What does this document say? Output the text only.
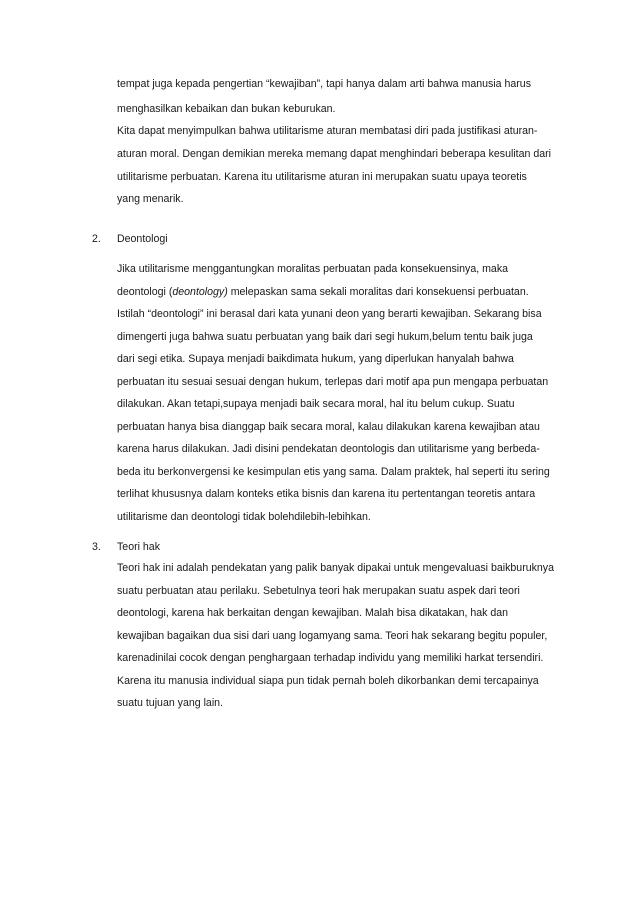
tempat juga kepada pengertian “kewajiban”, tapi hanya dalam arti bahwa manusia harus
menghasilkan kebaikan dan bukan keburukan.
Kita dapat menyimpulkan bahwa utilitarisme aturan membatasi diri pada justifikasi aturan-
aturan moral. Dengan demikian mereka memang dapat menghindari beberapa kesulitan dari
utilitarisme perbuatan. Karena itu utilitarisme aturan ini merupakan suatu upaya teoretis
yang menarik.
2. Deontologi
Jika utilitarisme menggantungkan moralitas perbuatan pada konsekuensinya, maka
deontologi (deontology) melepaskan sama sekali moralitas dari konsekuensi perbuatan.
Istilah “deontologi” ini berasal dari kata yunani deon yang berarti kewajiban. Sekarang bisa
dimengerti juga bahwa suatu perbuatan yang baik dari segi hukum,belum tentu baik juga
dari segi etika. Supaya menjadi baikdimata hukum, yang diperlukan hanyalah bahwa
perbuatan itu sesuai sesuai dengan hukum, terlepas dari motif apa pun mengapa perbuatan
dilakukan. Akan tetapi,supaya menjadi baik secara moral, hal itu belum cukup. Suatu
perbuatan hanya bisa dianggap baik secara moral, kalau dilakukan karena kewajiban atau
karena harus dilakukan. Jadi disini pendekatan deontologis dan utilitarisme yang berbeda-
beda itu berkonvergensi ke kesimpulan etis yang sama. Dalam praktek, hal seperti itu sering
terlihat khususnya dalam konteks etika bisnis dan karena itu pertentangan teoretis antara
utilitarisme dan deontologi tidak bolehdilebih-lebihkan.
3. Teori hak
Teori hak ini adalah pendekatan yang palik banyak dipakai untuk mengevaluasi baikburuknya
suatu perbuatan atau perilaku. Sebetulnya teori hak merupakan suatu aspek dari teori
deontologi, karena hak berkaitan dengan kewajiban. Malah bisa dikatakan, hak dan
kewajiban bagaikan dua sisi dari uang logamyang sama. Teori hak sekarang begitu populer,
karenadinilai cocok dengan penghargaan terhadap individu yang memiliki harkat tersendiri.
Karena itu manusia individual siapa pun tidak pernah boleh dikorbankan demi tercapainya
suatu tujuan yang lain.
